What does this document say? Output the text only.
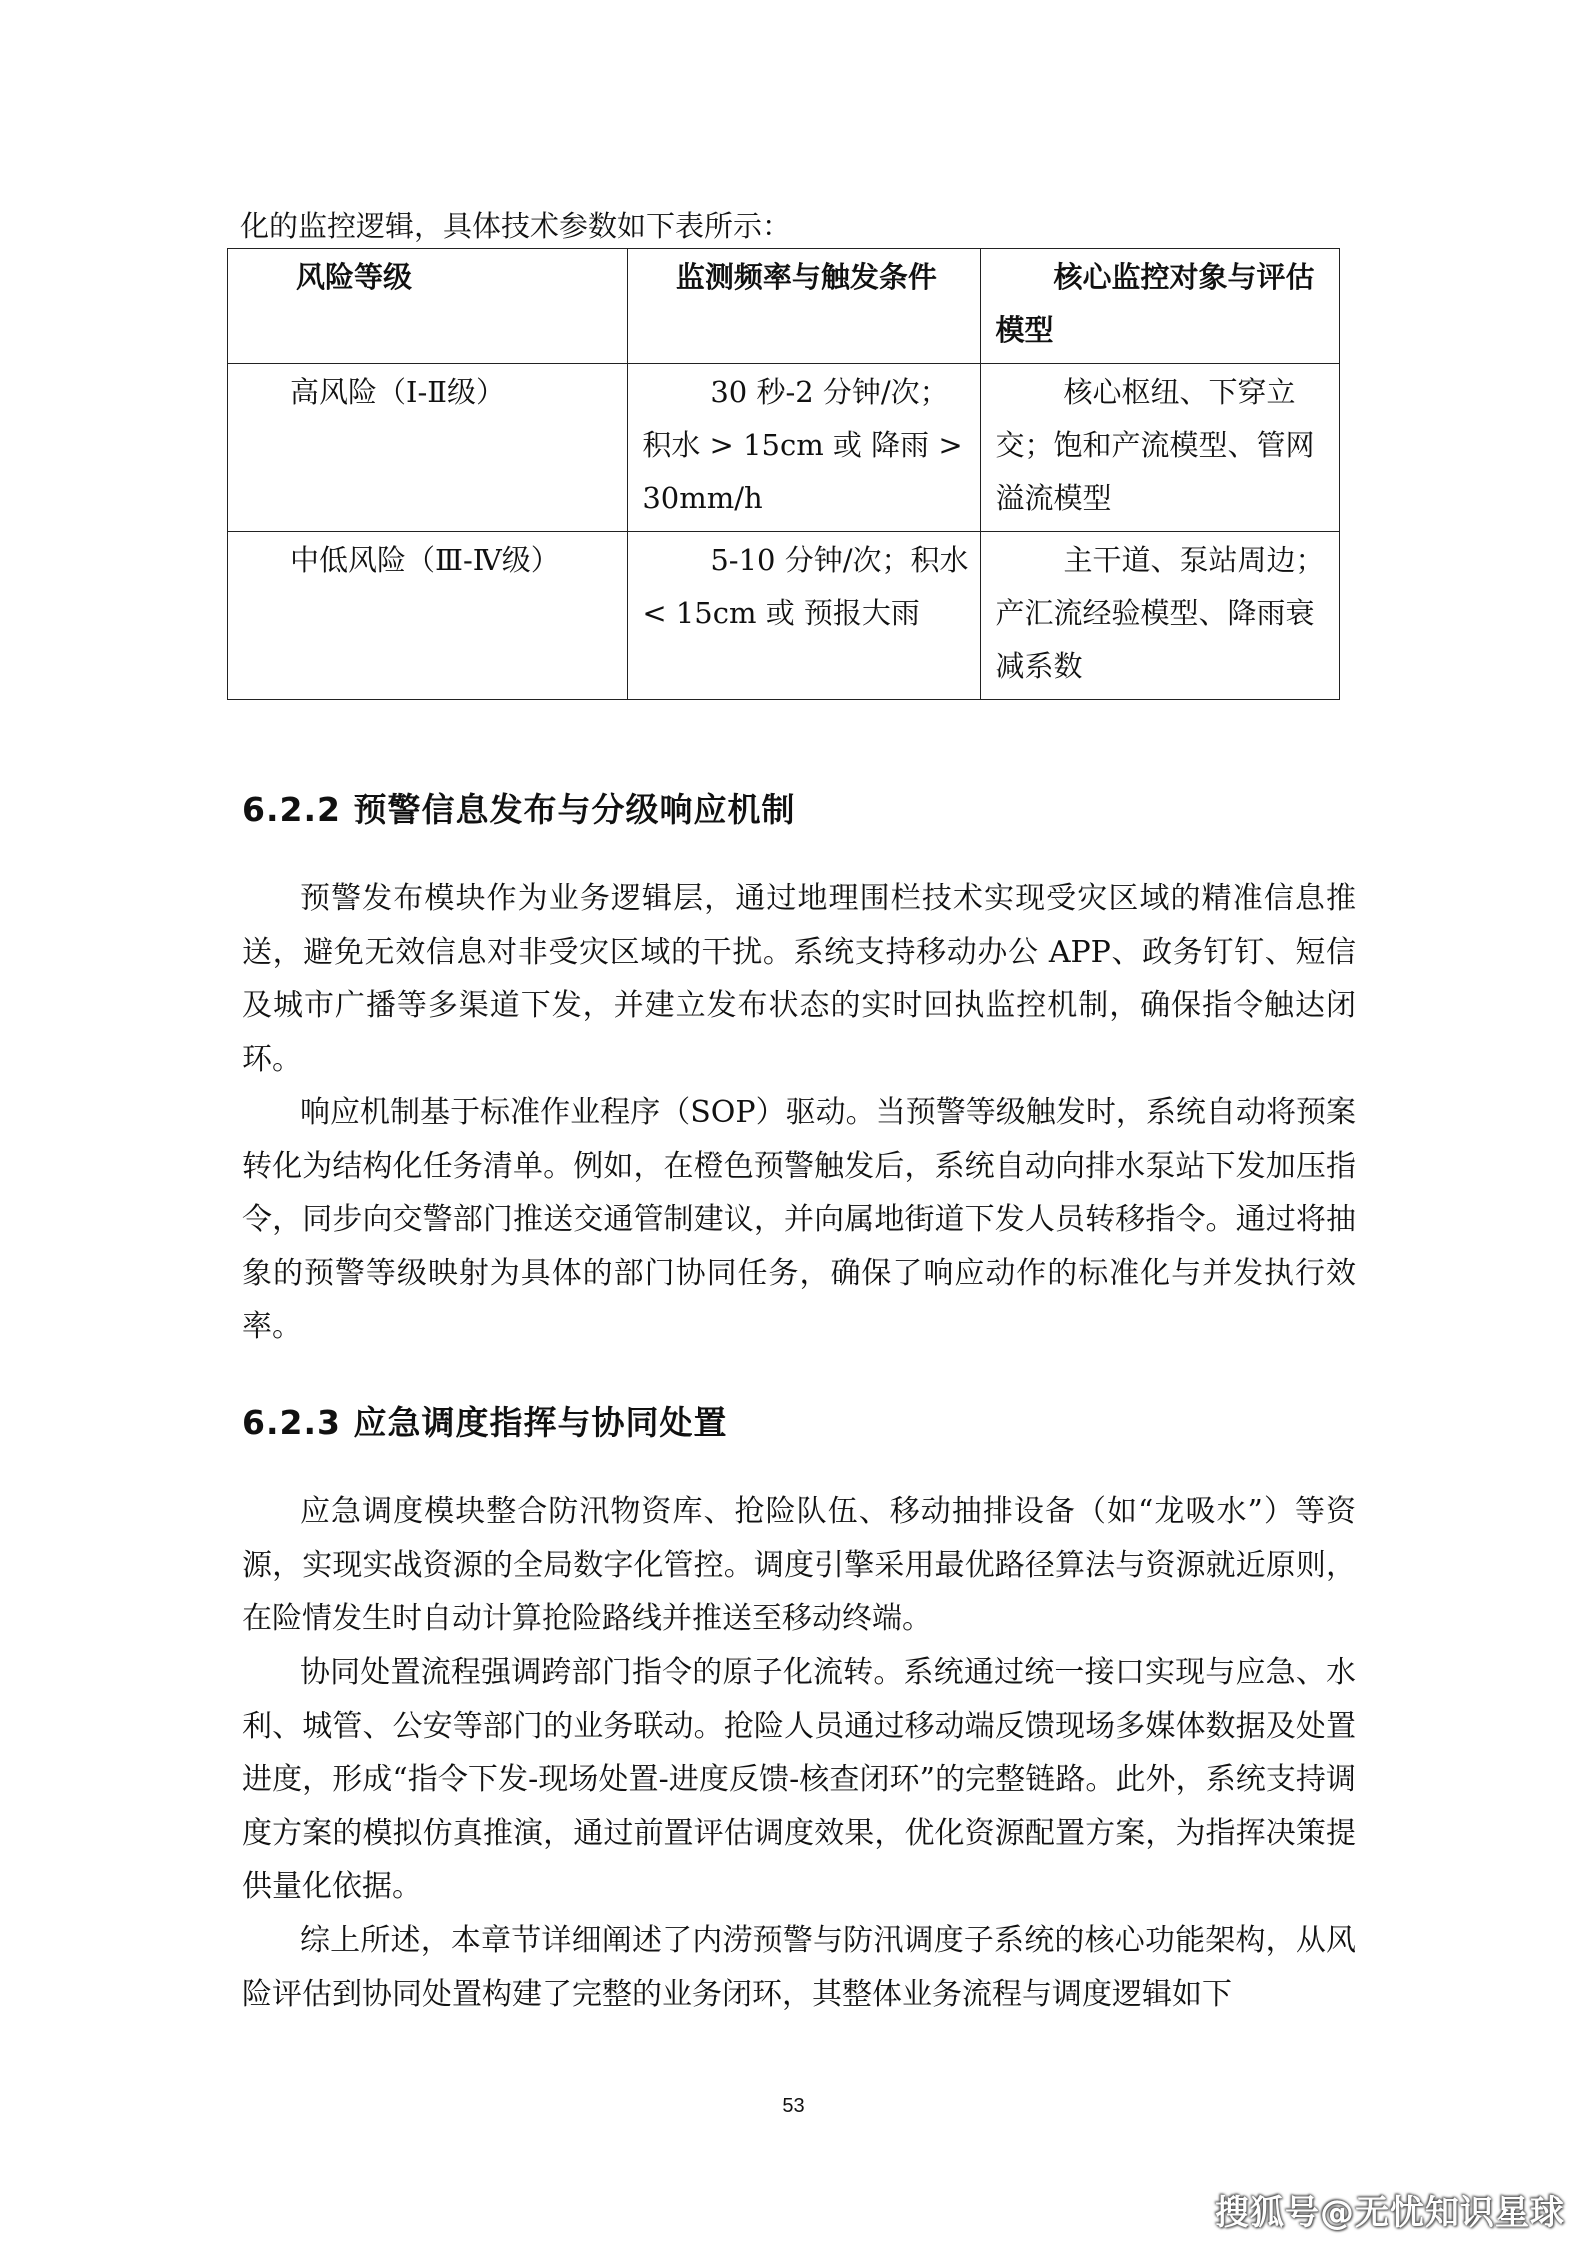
化的监控逻辑，具体技术参数如下表所示：
风险等级	监测频率与触发条件	核心监控对象与评估模型
高风险（Ⅰ-Ⅱ级）	30 秒-2 分钟/次；积水 > 15cm 或 降雨 > 30mm/h	核心枢纽、下穿立交；饱和产流模型、管网溢流模型

中低风险（Ⅲ-Ⅳ级）	5-10 分钟/次；积水 < 15cm 或 预报大雨	主干道、泵站周边；产汇流经验模型、降雨衰减系数
6.2.2 预警信息发布与分级响应机制

预警发布模块作为业务逻辑层，通过地理围栏技术实现受灾区域的精准信息推送，避免无效信息对非受灾区域的干扰。系统支持移动办公 APP、政务钉钉、短信及城市广播等多渠道下发，并建立发布状态的实时回执监控机制，确保指令触达闭环。

响应机制基于标准作业程序（SOP）驱动。当预警等级触发时，系统自动将预案转化为结构化任务清单。例如，在橙色预警触发后，系统自动向排水泵站下发加压指令，同步向交警部门推送交通管制建议，并向属地街道下发人员转移指令。通过将抽象的预警等级映射为具体的部门协同任务，确保了响应动作的标准化与并发执行效率。

6.2.3 应急调度指挥与协同处置

应急调度模块整合防汛物资库、抢险队伍、移动抽排设备（如“龙吸水”）等资源，实现实战资源的全局数字化管控。调度引擎采用最优路径算法与资源就近原则，在险情发生时自动计算抢险路线并推送至移动终端。

协同处置流程强调跨部门指令的原子化流转。系统通过统一接口实现与应急、水利、城管、公安等部门的业务联动。抢险人员通过移动端反馈现场多媒体数据及处置进度，形成“指令下发-现场处置-进度反馈-核查闭环”的完整链路。此外，系统支持调度方案的模拟仿真推演，通过前置评估调度效果，优化资源配置方案，为指挥决策提供量化依据。

综上所述，本章节详细阐述了内涝预警与防汛调度子系统的核心功能架构，从风险评估到协同处置构建了完整的业务闭环，其整体业务流程与调度逻辑如下

53
搜狐号@无忧知识星球
